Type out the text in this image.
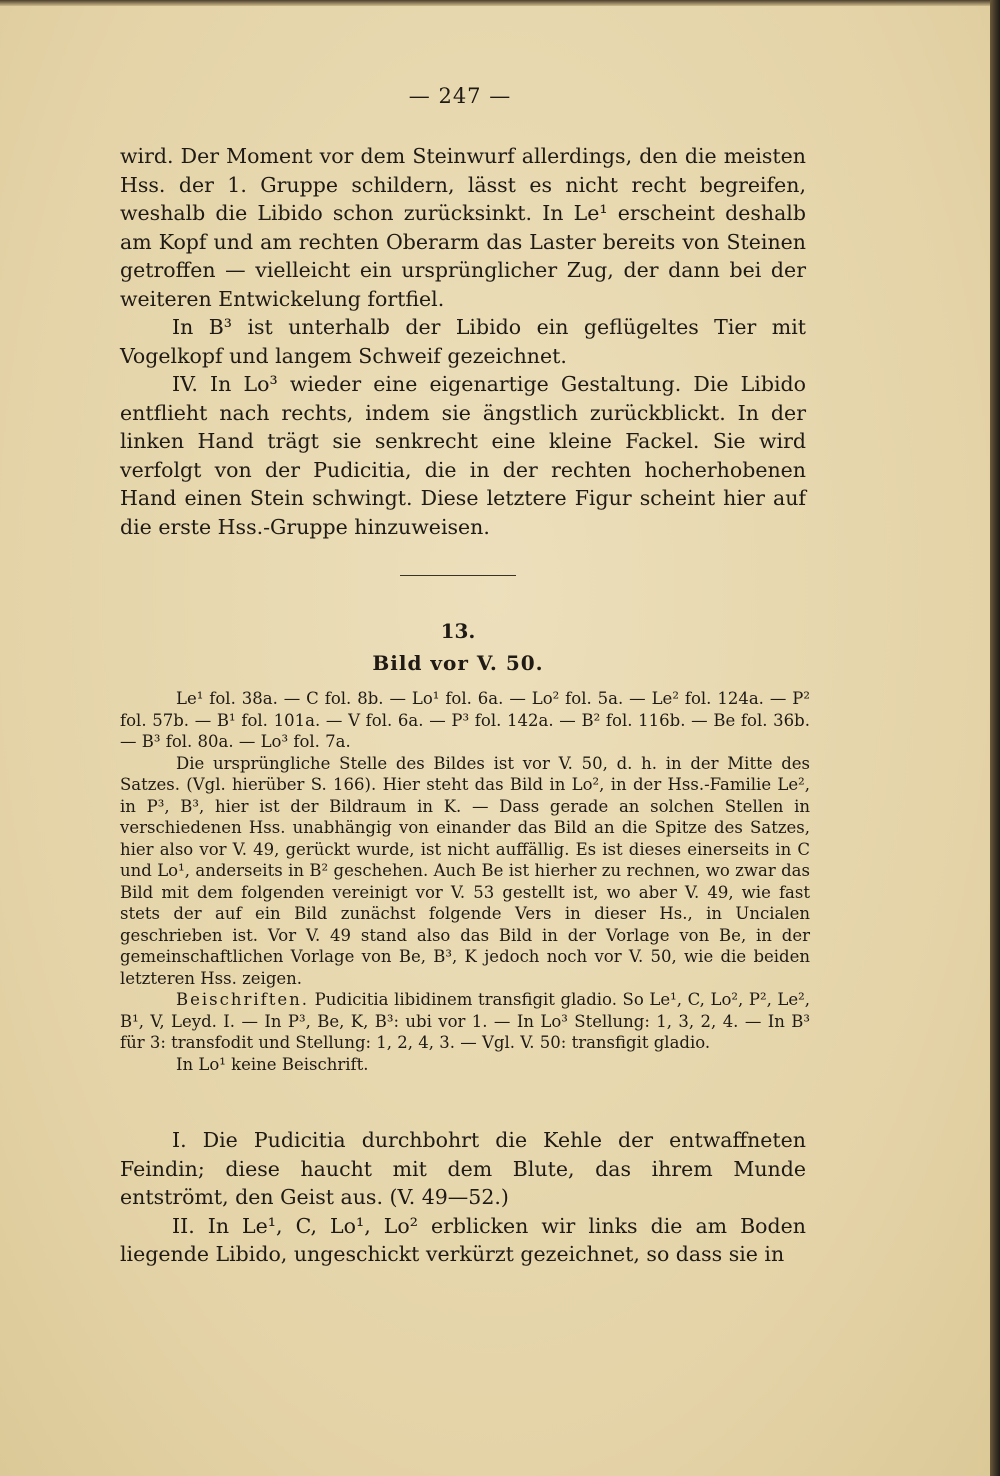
— 247 —

wird. Der Moment vor dem Steinwurf allerdings, den die meisten Hss. der 1. Gruppe schildern, lässt es nicht recht begreifen, weshalb die Libido schon zurücksinkt. In Le¹ erscheint deshalb am Kopf und am rechten Oberarm das Laster bereits von Steinen getroffen — vielleicht ein ursprünglicher Zug, der dann bei der weiteren Entwickelung fortfiel.

In B³ ist unterhalb der Libido ein geflügeltes Tier mit Vogelkopf und langem Schweif gezeichnet.

IV. In Lo³ wieder eine eigenartige Gestaltung. Die Libido entflieht nach rechts, indem sie ängstlich zurückblickt. In der linken Hand trägt sie senkrecht eine kleine Fackel. Sie wird verfolgt von der Pudicitia, die in der rechten hocherhobenen Hand einen Stein schwingt. Diese letztere Figur scheint hier auf die erste Hss.-Gruppe hinzuweisen.

13.
Bild vor V. 50.

Le¹ fol. 38a. — C fol. 8b. — Lo¹ fol. 6a. — Lo² fol. 5a. — Le² fol. 124a. — P² fol. 57b. — B¹ fol. 101a. — V fol. 6a. — P³ fol. 142a. — B² fol. 116b. — Be fol. 36b. — B³ fol. 80a. — Lo³ fol. 7a.

Die ursprüngliche Stelle des Bildes ist vor V. 50, d. h. in der Mitte des Satzes. (Vgl. hierüber S. 166). Hier steht das Bild in Lo², in der Hss.-Familie Le², in P³, B³, hier ist der Bildraum in K. — Dass gerade an solchen Stellen in verschiedenen Hss. unabhängig von einander das Bild an die Spitze des Satzes, hier also vor V. 49, gerückt wurde, ist nicht auffällig. Es ist dieses einerseits in C und Lo¹, anderseits in B² geschehen. Auch Be ist hierher zu rechnen, wo zwar das Bild mit dem folgenden vereinigt vor V. 53 gestellt ist, wo aber V. 49, wie fast stets der auf ein Bild zunächst folgende Vers in dieser Hs., in Uncialen geschrieben ist. Vor V. 49 stand also das Bild in der Vorlage von Be, in der gemeinschaftlichen Vorlage von Be, B³, K jedoch noch vor V. 50, wie die beiden letzteren Hss. zeigen.

Beischriften. Pudicitia libidinem transfigit gladio. So Le¹, C, Lo², P², Le², B¹, V, Leyd. I. — In P³, Be, K, B³: ubi vor 1. — In Lo³ Stellung: 1, 3, 2, 4. — In B³ für 3: transfodit und Stellung: 1, 2, 4, 3. — Vgl. V. 50: transfigit gladio.

In Lo¹ keine Beischrift.

I. Die Pudicitia durchbohrt die Kehle der entwaffneten Feindin; diese haucht mit dem Blute, das ihrem Munde entströmt, den Geist aus. (V. 49—52.)

II. In Le¹, C, Lo¹, Lo² erblicken wir links die am Boden liegende Libido, ungeschickt verkürzt gezeichnet, so dass sie in
